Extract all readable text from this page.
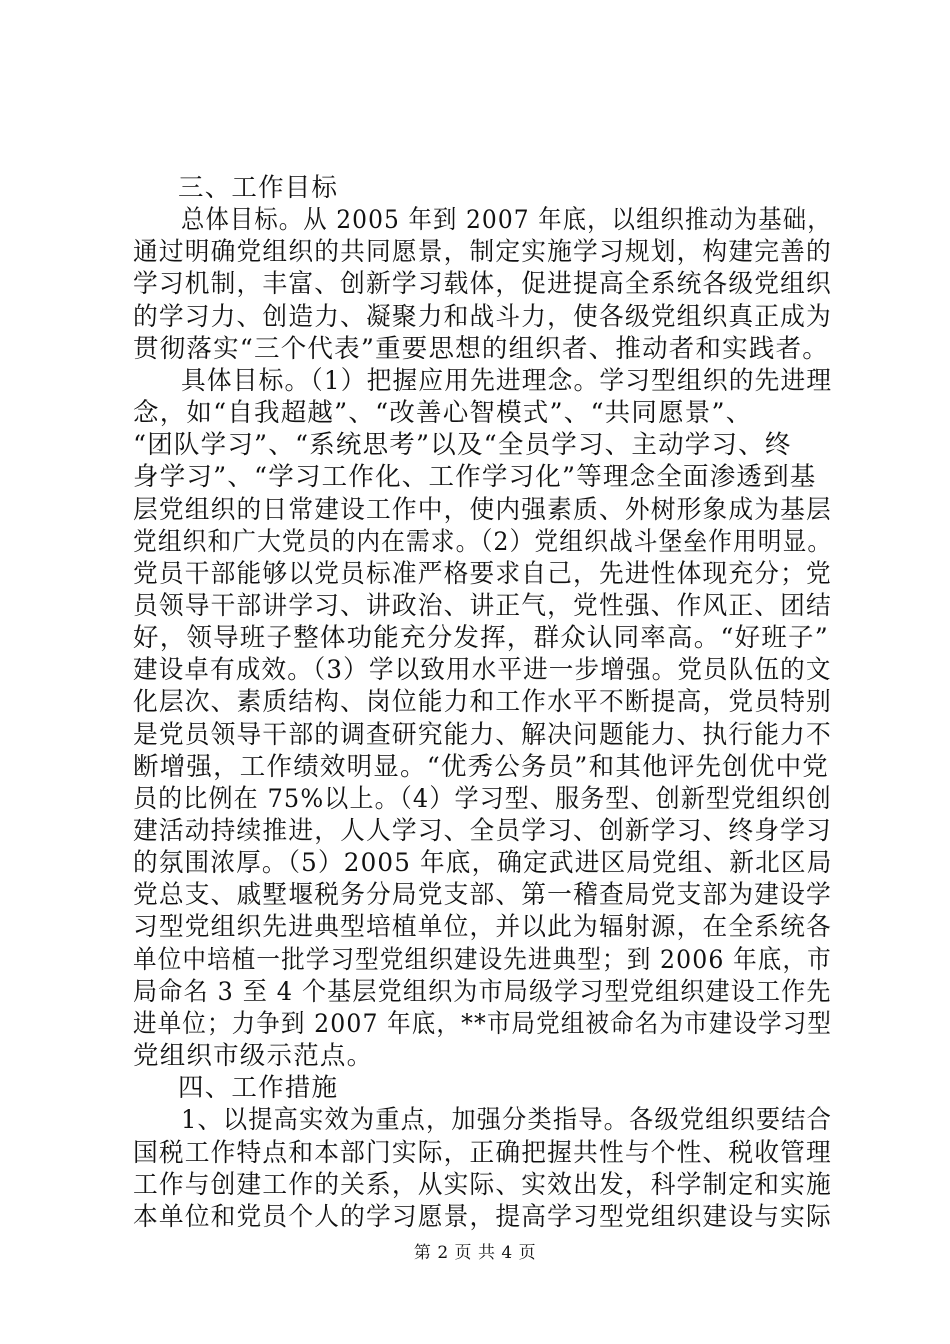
三、工作目标
总体目标。从 2005 年到 2007 年底，以组织推动为基础，
通过明确党组织的共同愿景，制定实施学习规划，构建完善的
学习机制，丰富、创新学习载体，促进提高全系统各级党组织
的学习力、创造力、凝聚力和战斗力，使各级党组织真正成为
贯彻落实“三个代表”重要思想的组织者、推动者和实践者。
具体目标。（1）把握应用先进理念。学习型组织的先进理
念，如“自我超越”、“改善心智模式”、“共同愿景”、
“团队学习”、“系统思考”以及“全员学习、主动学习、终
身学习”、“学习工作化、工作学习化”等理念全面渗透到基
层党组织的日常建设工作中，使内强素质、外树形象成为基层
党组织和广大党员的内在需求。（2）党组织战斗堡垒作用明显。
党员干部能够以党员标准严格要求自己，先进性体现充分；党
员领导干部讲学习、讲政治、讲正气，党性强、作风正、团结
好，领导班子整体功能充分发挥，群众认同率高。“好班子”
建设卓有成效。（3）学以致用水平进一步增强。党员队伍的文
化层次、素质结构、岗位能力和工作水平不断提高，党员特别
是党员领导干部的调查研究能力、解决问题能力、执行能力不
断增强，工作绩效明显。“优秀公务员”和其他评先创优中党
员的比例在 75%以上。（4）学习型、服务型、创新型党组织创
建活动持续推进，人人学习、全员学习、创新学习、终身学习
的氛围浓厚。（5）2005 年底，确定武进区局党组、新北区局
党总支、戚墅堰税务分局党支部、第一稽查局党支部为建设学
习型党组织先进典型培植单位，并以此为辐射源，在全系统各
单位中培植一批学习型党组织建设先进典型；到 2006 年底，市
局命名 3 至 4 个基层党组织为市局级学习型党组织建设工作先
进单位；力争到 2007 年底，**市局党组被命名为市建设学习型
党组织市级示范点。
四、工作措施
1、以提高实效为重点，加强分类指导。各级党组织要结合
国税工作特点和本部门实际，正确把握共性与个性、税收管理
工作与创建工作的关系，从实际、实效出发，科学制定和实施
本单位和党员个人的学习愿景，提高学习型党组织建设与实际
第 2 页 共 4 页
